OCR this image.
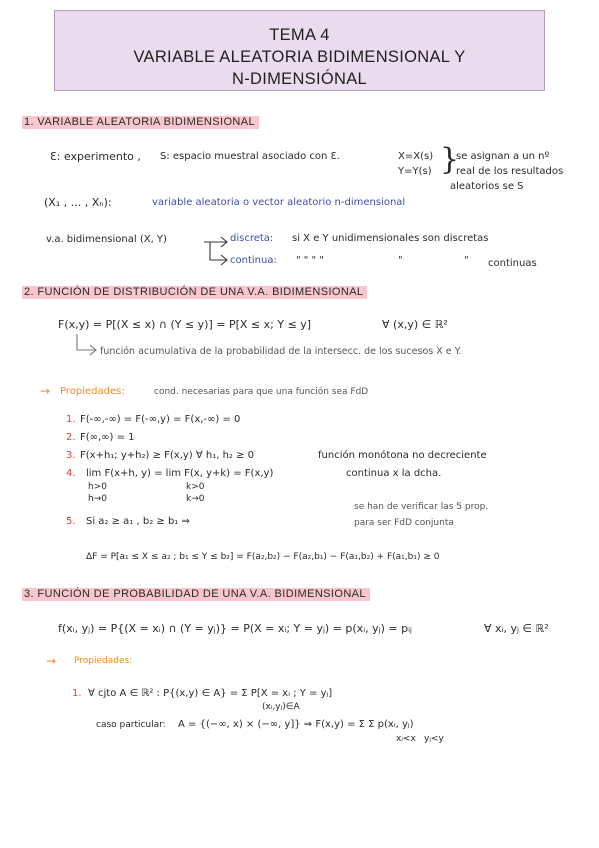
TEMA 4
VARIABLE ALEATORIA BIDIMENSIONAL Y
N-DIMENSIÓNAL
1. VARIABLE ALEATORIA BIDIMENSIONAL
Ɛ: experimento , S: espacio muestral asociado con Ɛ.	X=X(s)
Y=Y(s) }
se asignan a un nº
real de los resultados
aleatorios se S
(X₁ , ... , Xₙ):	variable aleatoria o vector aleatorio n-dimensional
v.a. bidimensional (X, Y)	discreta: si X e Y unidimensionales son discretas
continua: " " " "	"	" continuas
2. FUNCIÓN DE DISTRIBUCIÓN DE UNA V.A. BIDIMENSIONAL
F(x,y) = P[(X ≤ x) ∩ (Y ≤ y)] = P[X ≤ x; Y ≤ y]	∀ (x,y) ∈ ℝ²
función acumulativa de la probabilidad de la intersecc. de los sucesos X e Y.
→ Propiedades:	cond. necesarias para que una función sea FdD
1. F(-∞,-∞) = F(-∞,y) = F(x,-∞) = 0
2. F(∞,∞) = 1
3. F(x+h₁; y+h₂) ≥ F(x,y) ∀ h₁, h₂ ≥ 0	función monótona no decreciente
4. lim F(x+h, y) = lim F(x, y+k) = F(x,y)
h>0
h→0
k>0
k→0
continua x la dcha.
5. Si a₂ ≥ a₁ , b₂ ≥ b₁ ⇒
se han de verificar las 5 prop.
para ser FdD conjunta
ΔF = P[a₁ ≤ X ≤ a₂ ; b₁ ≤ Y ≤ b₂] = F(a₂,b₂) − F(a₂,b₁) − F(a₁,b₂) + F(a₁,b₁) ≥ 0
3. FUNCIÓN DE PROBABILIDAD DE UNA V.A. BIDIMENSIONAL
f(xᵢ, yⱼ) = P{(X = xᵢ) ∩ (Y = yⱼ)} = P(X = xᵢ; Y = yⱼ) = p(xᵢ, yⱼ) = pᵢⱼ	∀ xᵢ, yⱼ ∈ ℝ²
→ Propiedades:
1. ∀ cjto A ∈ ℝ² : P{(x,y) ∈ A} = Σ P[X = xᵢ ; Y = yⱼ]
(xᵢ,yⱼ)∈A
caso particular: A = {(−∞, x) × (−∞, y]} ⇒ F(x,y) = Σ Σ p(xᵢ, yⱼ)
xᵢ<x yⱼ<y
